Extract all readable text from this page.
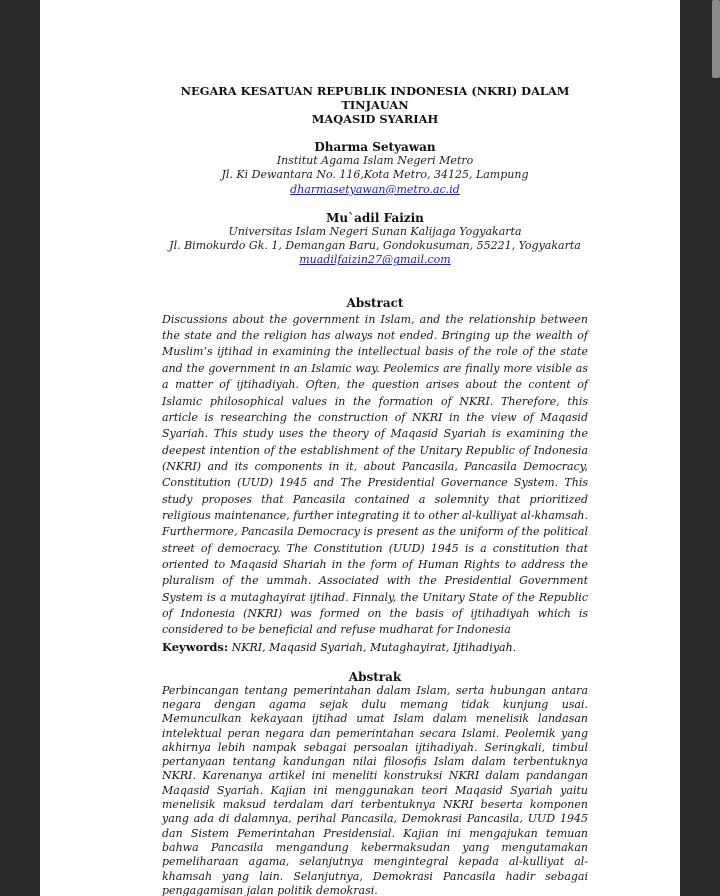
NEGARA KESATUAN REPUBLIK INDONESIA (NKRI) DALAM TINJAUAN
MAQASID SYARIAH
Dharma Setyawan
Institut Agama Islam Negeri Metro
Jl. Ki Dewantara No. 116,Kota Metro, 34125, Lampung
dharmasetyawan@metro.ac.id
Mu`adil Faizin
Universitas Islam Negeri Sunan Kalijaga Yogyakarta
Jl. Bimokurdo Gk. 1, Demangan Baru, Gondokusuman, 55221, Yogyakarta
muadilfaizin27@gmail.com
Abstract

Discussions about the government in Islam, and the relationship between the state and the religion has always not ended. Bringing up the wealth of Muslim’s ijtihad in examining the intellectual basis of the role of the state and the government in an Islamic way. Peolemics are finally more visible as a matter of ijtihadiyah. Often, the question arises about the content of Islamic philosophical values in the formation of NKRI. Therefore, this article is researching the construction of NKRI in the view of Maqasid Syariah. This study uses the theory of Maqasid Syariah is examining the deepest intention of the establishment of the Unitary Republic of Indonesia (NKRI) and its components in it, about Pancasila, Pancasila Democracy, Constitution (UUD) 1945 and The Presidential Governance System. This study proposes that Pancasila contained a solemnity that prioritized religious maintenance, further integrating it to other al-kulliyat al-khamsah. Furthermore, Pancasila Democracy is present as the uniform of the political street of democracy. The Constitution (UUD) 1945 is a constitution that oriented to Maqasid Shariah in the form of Human Rights to address the pluralism of the ummah. Associated with the Presidential Government System is a mutaghayirat ijtihad. Finnaly, the Unitary State of the Republic of Indonesia (NKRI) was formed on the basis of ijtihadiyah which is considered to be beneficial and refuse mudharat for Indonesia

Keywords: NKRI, Maqasid Syariah, Mutaghayirat, Ijtihadiyah.

Abstrak

Perbincangan tentang pemerintahan dalam Islam, serta hubungan antara negara dengan agama sejak dulu memang tidak kunjung usai. Memunculkan kekayaan ijtihad umat Islam dalam menelisik landasan intelektual peran negara dan pemerintahan secara Islami. Peolemik yang akhirnya lebih nampak sebagai persoalan ijtihadiyah. Seringkali, timbul pertanyaan tentang kandungan nilai filosofis Islam dalam terbentuknya NKRI. Karenanya artikel ini meneliti konstruksi NKRI dalam pandangan Maqasid Syariah. Kajian ini menggunakan teori Maqasid Syariah yaitu menelisik maksud terdalam dari terbentuknya NKRI beserta komponen yang ada di dalamnya, perihal Pancasila, Demokrasi Pancasila, UUD 1945 dan Sistem Pemerintahan Presidensial. Kajian ini mengajukan temuan bahwa Pancasila mengandung kebermaksudan yang mengutamakan pemeliharaan agama, selanjutnya mengintegral kepada al-kulliyat al-khamsah yang lain. Selanjutnya, Demokrasi Pancasila hadir sebagai pengagamisan jalan politik demokrasi.
